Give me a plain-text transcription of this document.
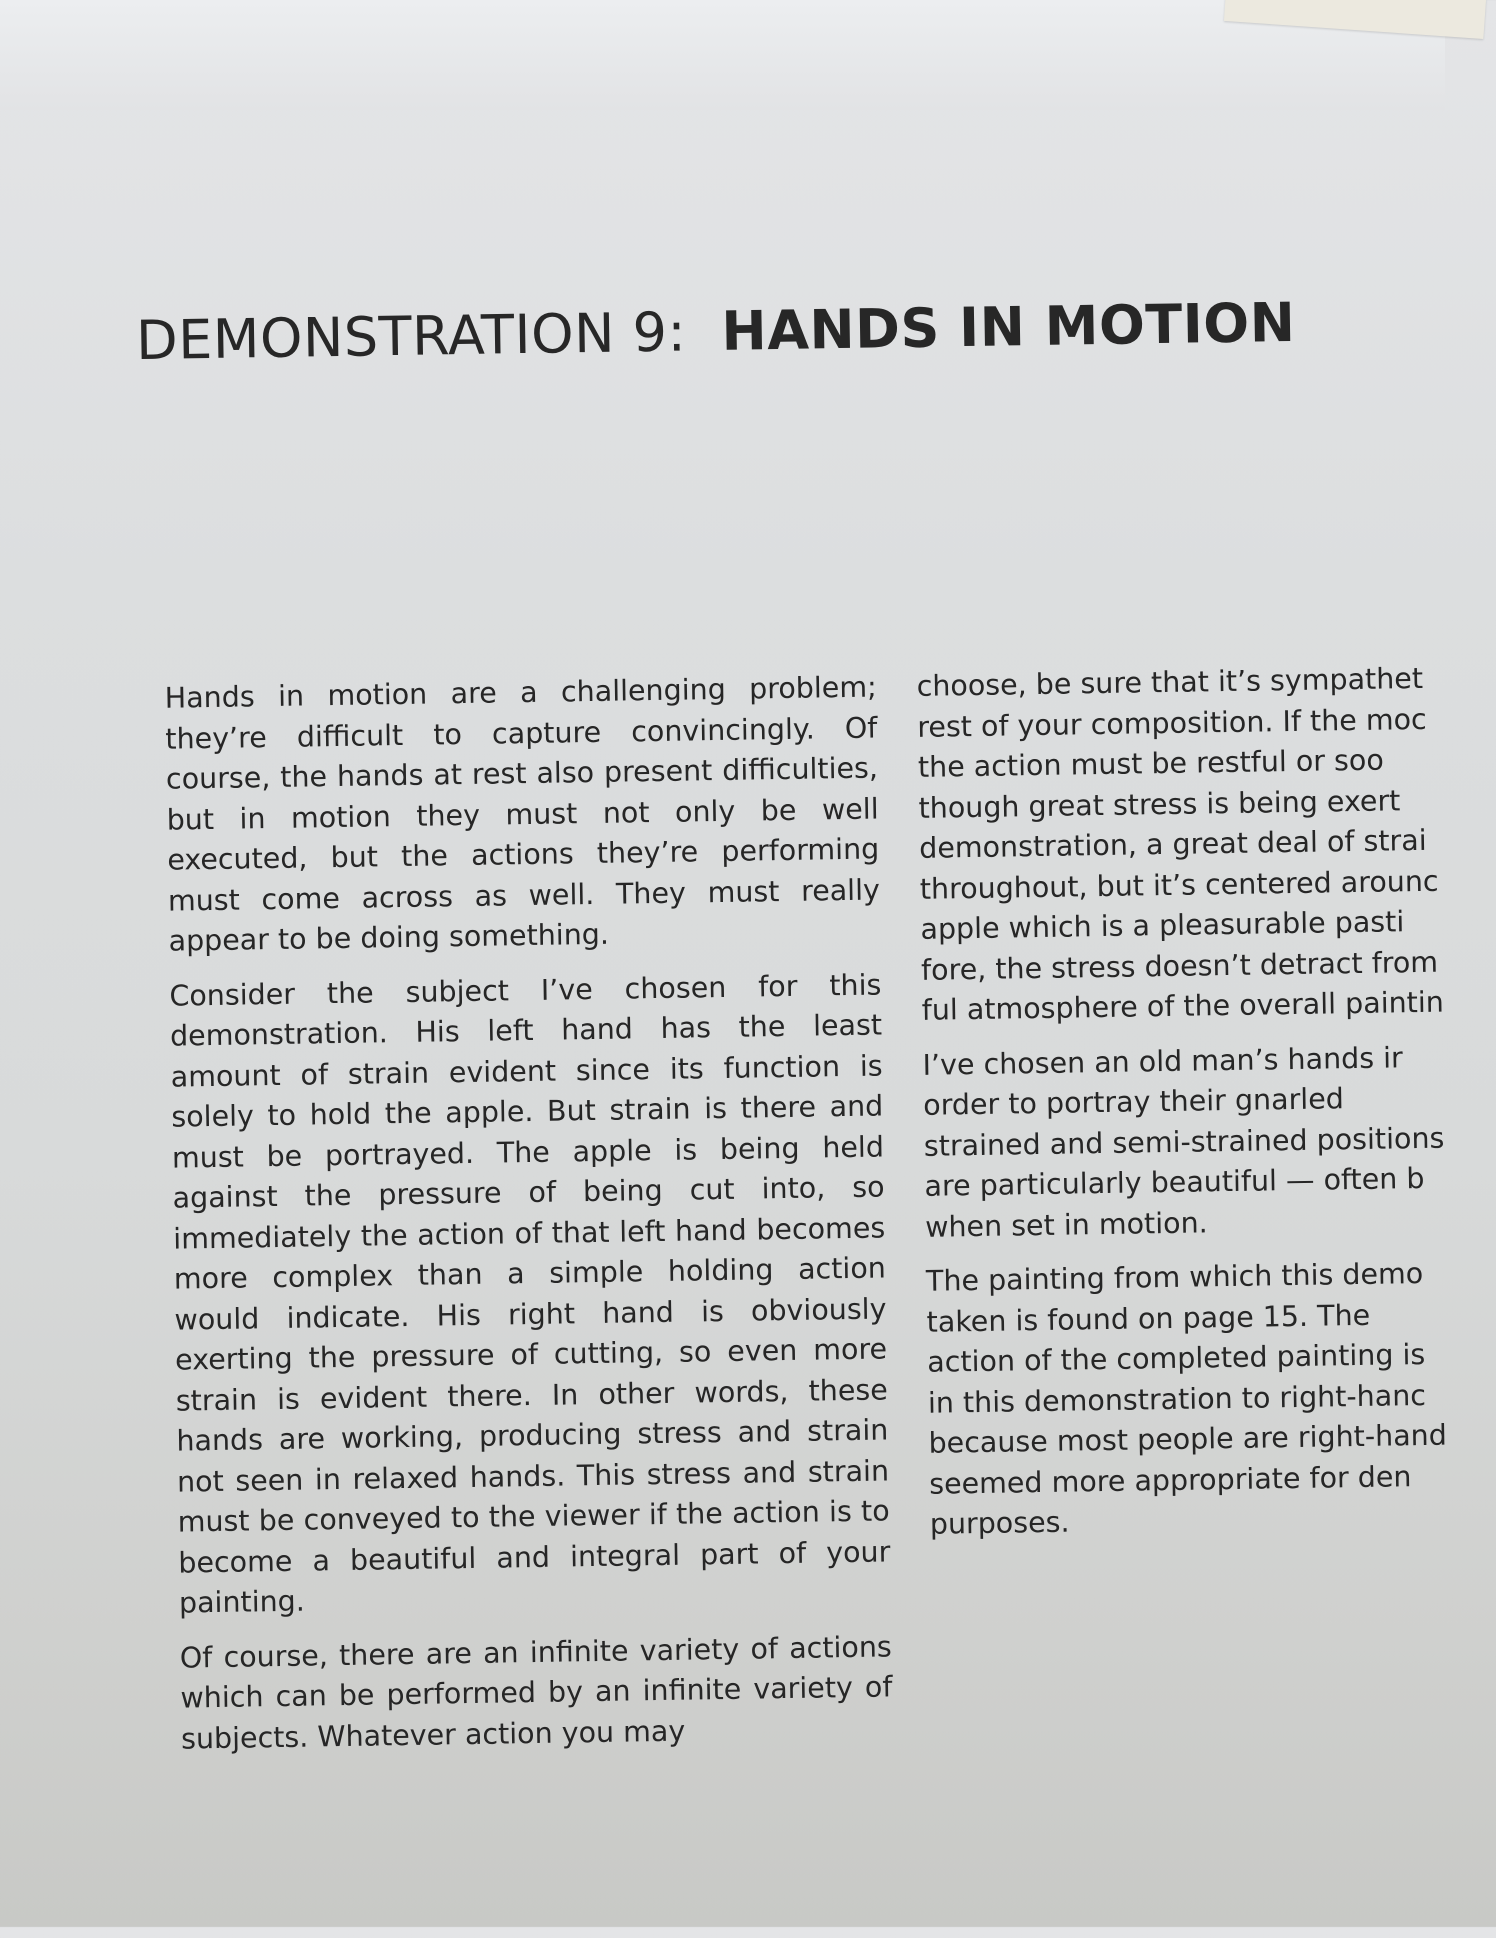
DEMONSTRATION 9: HANDS IN MOTION

Hands in motion are a challenging problem; they’re difficult to capture convincingly. Of course, the hands at rest also present difficulties, but in motion they must not only be well executed, but the actions they’re performing must come across as well. They must really appear to be doing something.

Consider the subject I’ve chosen for this demonstration. His left hand has the least amount of strain evident since its function is solely to hold the apple. But strain is there and must be portrayed. The apple is being held against the pressure of being cut into, so immediately the action of that left hand becomes more complex than a simple holding action would indicate. His right hand is obviously exerting the pressure of cutting, so even more strain is evident there. In other words, these hands are working, producing stress and strain not seen in relaxed hands. This stress and strain must be conveyed to the viewer if the action is to become a beautiful and integral part of your painting.

Of course, there are an infinite variety of actions which can be performed by an infinite variety of subjects. Whatever action you may

choose, be sure that it’s sympathet
rest of your composition. If the moc
the action must be restful or soo
though great stress is being exert
demonstration, a great deal of strai
throughout, but it’s centered arounc
apple which is a pleasurable pasti
fore, the stress doesn’t detract from
ful atmosphere of the overall paintin

I’ve chosen an old man’s hands ir
order to portray their gnarled
strained and semi-strained positions
are particularly beautiful — often b
when set in motion.

The painting from which this demo
taken is found on page 15. The
action of the completed painting is
in this demonstration to right-hanc
because most people are right-hand
seemed more appropriate for den
purposes.
